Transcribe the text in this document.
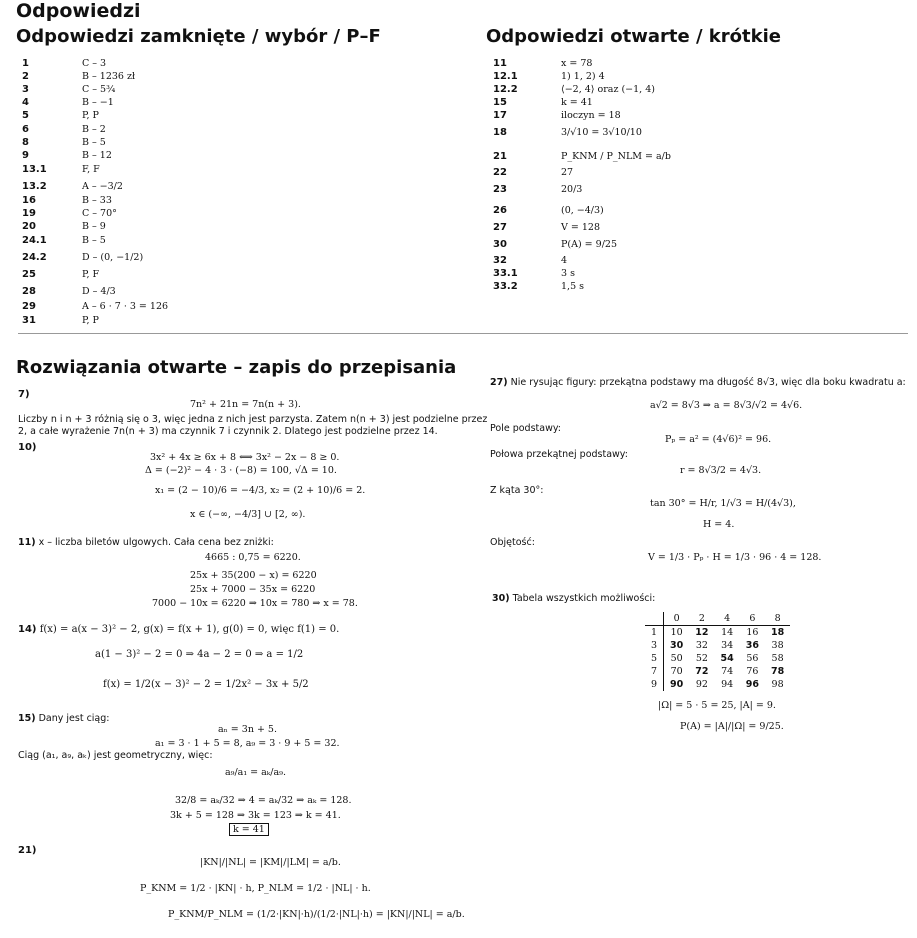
Odpowiedzi
Odpowiedzi zamknięte / wybór / P–F	Odpowiedzi otwarte / krótkie
1	C – 3
2	B – 1236 zł
3	C – 5¾
4	B – −1
5	P, P
6	B – 2
8	B – 5
9	B – 12
13.1	F, F
13.2	A – −3/2
16	B – 33
19	C – 70°
20	B – 9
24.1	B – 5
24.2	D – (0, −1/2)
25	P, F
28	D – 4/3
29	A – 6 · 7 · 3 = 126
31	P, P
11	x = 78
12.1	1) 1, 2) 4
12.2	⟨−2, 4⟩ oraz (−1, 4)
15	k = 41
17	iloczyn = 18
18	3/√10 = 3√10/10
21	P_KNM / P_NLM = a/b
22	27
23	20/3
26	(0, −4/3)
27	V = 128
30	P(A) = 9/25
32	4
33.1	3 s
33.2	1,5 s
Rozwiązania otwarte – zapis do przepisania
7)
7n² + 21n = 7n(n + 3).
Liczby n i n + 3 różnią się o 3, więc jedna z nich jest parzysta. Zatem n(n + 3) jest podzielne przez
2, a całe wyrażenie 7n(n + 3) ma czynnik 7 i czynnik 2. Dlatego jest podzielne przez 14.
10)
3x² + 4x ≥ 6x + 8 ⟺ 3x² − 2x − 8 ≥ 0.
Δ = (−2)² − 4 · 3 · (−8) = 100, √Δ = 10.
x₁ = (2 − 10)/6 = −4/3, x₂ = (2 + 10)/6 = 2.
x ∈ (−∞, −4/3] ∪ [2, ∞).
11) x – liczba biletów ulgowych. Cała cena bez zniżki:
4665 : 0,75 = 6220.
25x + 35(200 − x) = 6220
25x + 7000 − 35x = 6220
7000 − 10x = 6220 ⇒ 10x = 780 ⇒ x = 78.
14) f(x) = a(x − 3)² − 2, g(x) = f(x + 1), g(0) = 0, więc f(1) = 0.
a(1 − 3)² − 2 = 0 ⇒ 4a − 2 = 0 ⇒ a = 1/2
f(x) = 1/2(x − 3)² − 2 = 1/2x² − 3x + 5/2
15) Dany jest ciąg:
aₙ = 3n + 5.
a₁ = 3 · 1 + 5 = 8, a₉ = 3 · 9 + 5 = 32.
Ciąg (a₁, a₉, aₖ) jest geometryczny, więc:
a₉/a₁ = aₖ/a₉.
32/8 = aₖ/32 ⇒ 4 = aₖ/32 ⇒ aₖ = 128.
3k + 5 = 128 ⇒ 3k = 123 ⇒ k = 41.
k = 41
21)
|KN|/|NL| = |KM|/|LM| = a/b.
P_KNM = 1/2 · |KN| · h, P_NLM = 1/2 · |NL| · h.
P_KNM/P_NLM = (1/2·|KN|·h)/(1/2·|NL|·h) = |KN|/|NL| = a/b.
27) Nie rysując figury: przekątna podstawy ma długość 8√3, więc dla boku kwadratu a:
a√2 = 8√3 ⇒ a = 8√3/√2 = 4√6.
Pole podstawy:
Pₚ = a² = (4√6)² = 96.
Połowa przekątnej podstawy:
r = 8√3/2 = 4√3.
Z kąta 30°:
tan 30° = H/r, 1/√3 = H/(4√3),
H = 4.
Objętość:
V = 1/3 · Pₚ · H = 1/3 · 96 · 4 = 128.
30) Tabela wszystkich możliwości:
	0	2	4	6	8
1	10	12	14	16	18
3	30	32	34	36	38
5	50	52	54	56	58
7	70	72	74	76	78
9	90	92	94	96	98
|Ω| = 5 · 5 = 25, |A| = 9.
P(A) = |A|/|Ω| = 9/25.
